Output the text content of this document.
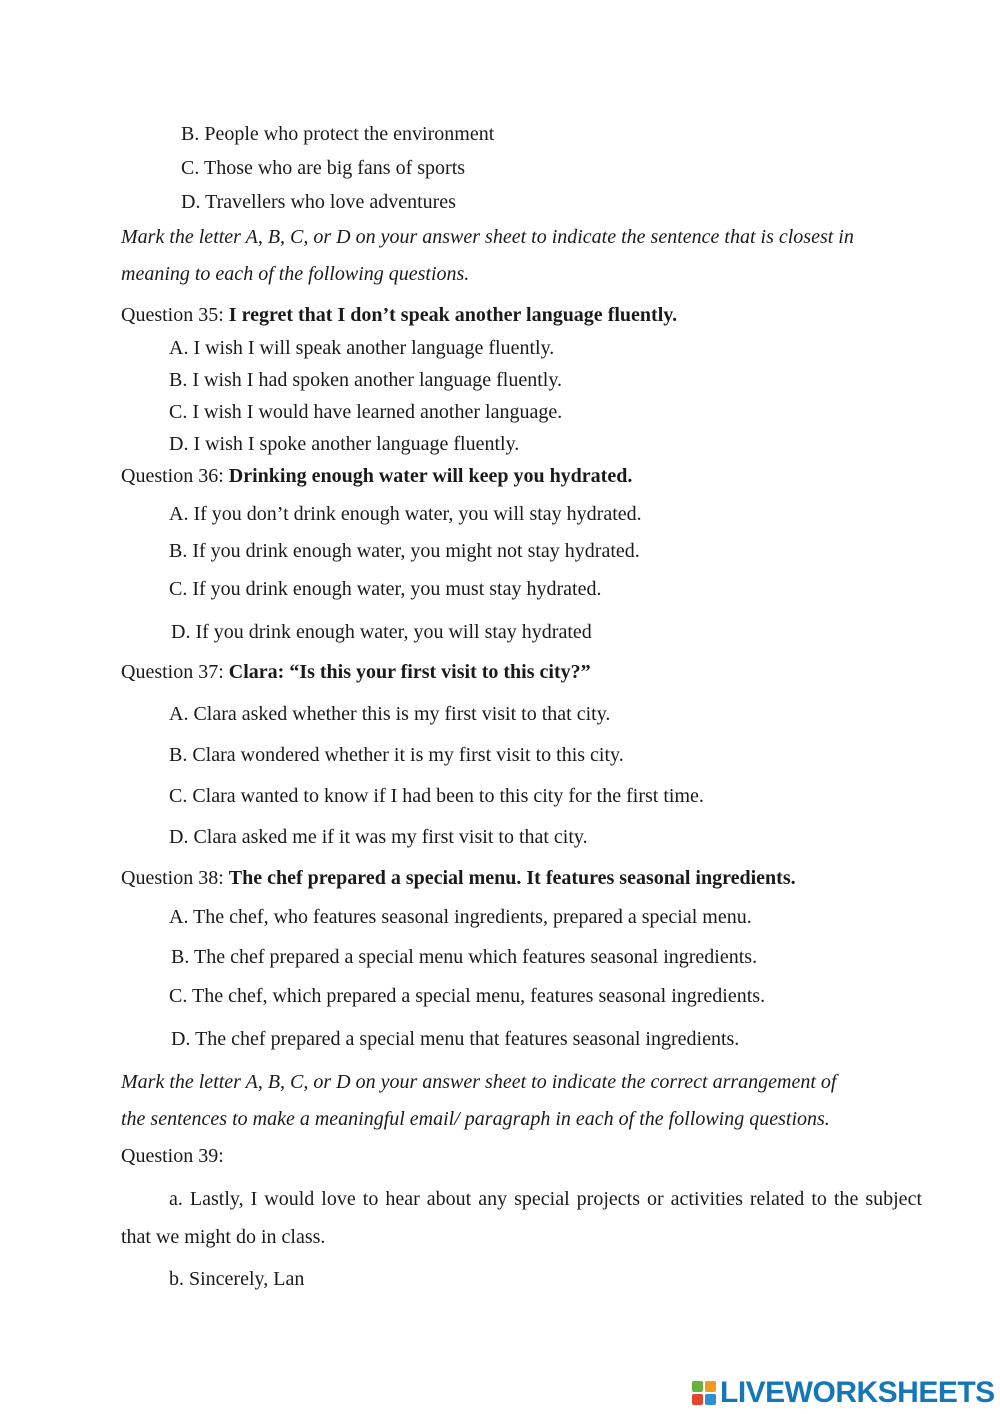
B. People who protect the environment
C. Those who are big fans of sports
D. Travellers who love adventures
Mark the letter A, B, C, or D on your answer sheet to indicate the sentence that is closest in
meaning to each of the following questions.
Question 35: I regret that I don’t speak another language fluently.
A. I wish I will speak another language fluently.
B. I wish I had spoken another language fluently.
C. I wish I would have learned another language.
D. I wish I spoke another language fluently.
Question 36: Drinking enough water will keep you hydrated.
A. If you don’t drink enough water, you will stay hydrated.
B. If you drink enough water, you might not stay hydrated.
C. If you drink enough water, you must stay hydrated.
D. If you drink enough water, you will stay hydrated
Question 37: Clara: “Is this your first visit to this city?”
A. Clara asked whether this is my first visit to that city.
B. Clara wondered whether it is my first visit to this city.
C. Clara wanted to know if I had been to this city for the first time.
D. Clara asked me if it was my first visit to that city.
Question 38: The chef prepared a special menu. It features seasonal ingredients.
A. The chef, who features seasonal ingredients, prepared a special menu.
B. The chef prepared a special menu which features seasonal ingredients.
C. The chef, which prepared a special menu, features seasonal ingredients.
D. The chef prepared a special menu that features seasonal ingredients.
Mark the letter A, B, C, or D on your answer sheet to indicate the correct arrangement of
the sentences to make a meaningful email/ paragraph in each of the following questions.
Question 39:
a. Lastly, I would love to hear about any special projects or activities related to the subject that we might do in class.
b. Sincerely, Lan
LIVEWORKSHEETS
